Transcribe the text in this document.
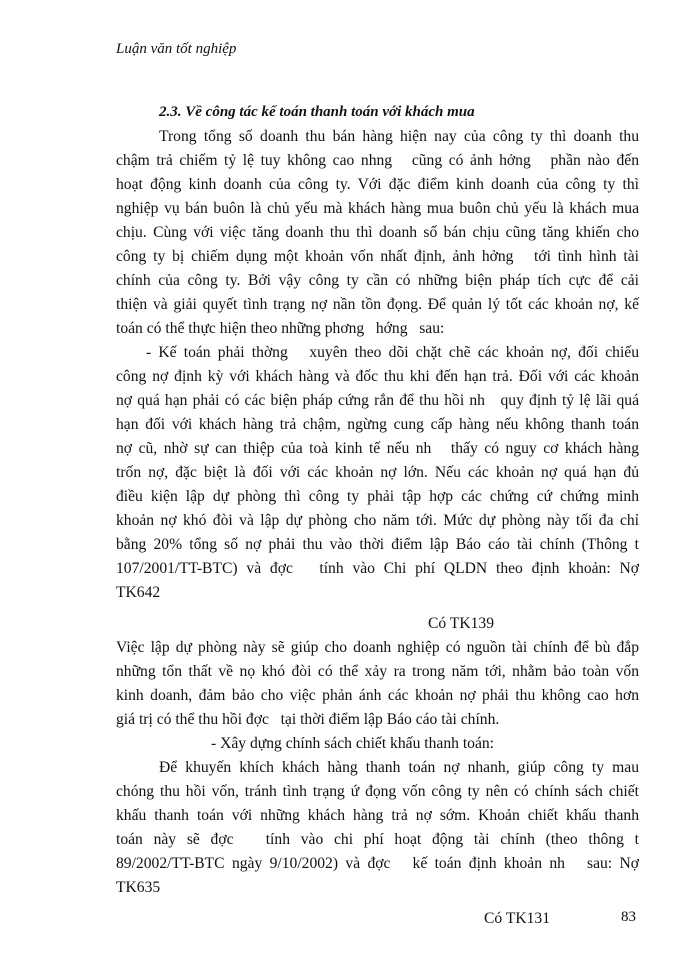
Luận văn tốt nghiệp
2.3. Về công tác kế toán thanh toán với khách mua
Trong tổng số doanh thu bán hàng hiện nay của công ty thì doanh thu
chậm trả chiếm tỷ lệ tuy không cao nhng   cũng có ảnh hởng   phần nào đến
hoạt động kinh doanh của công ty. Với đặc điểm kinh doanh của công ty thì
nghiệp vụ bán buôn là chủ yếu mà khách hàng mua buôn chủ yếu là khách mua
chịu. Cùng với việc tăng doanh thu thì doanh số bán chịu cũng tăng khiến cho
công ty bị chiếm dụng một khoản vốn nhất định, ảnh hởng   tới tình hình tài
chính của công ty. Bởi vậy công ty cần có những biện pháp tích cực để cải
thiện và giải quyết tình trạng nợ nần tồn đọng. Để quản lý tốt các khoản nợ, kế
toán có thể thực hiện theo những phơng   hớng   sau:
- Kế toán phải thờng   xuyên theo dõi chặt chẽ các khoản nợ, đối chiếu
công nợ định kỳ với khách hàng và đốc thu khi đến hạn trả. Đối với các khoản
nợ quá hạn phải có các biện pháp cứng rắn để thu hồi nh   quy định tỷ lệ lãi quá
hạn đối với khách hàng trả chậm, ngừng cung cấp hàng nếu không thanh toán
nợ cũ, nhờ sự can thiệp của toà kinh tế nếu nh   thấy có nguy cơ khách hàng
trốn nợ, đặc biệt là đối với các khoản nợ lớn. Nếu các khoản nợ quá hạn đủ
điều kiện lập dự phòng thì công ty phải tập hợp các chứng cứ chứng minh
khoản nợ khó đòi và lập dự phòng cho năm tới. Mức dự phòng này tối đa chỉ
bằng 20% tổng số nợ phải thu vào thời điểm lập Báo cáo tài chính (Thông t
107/2001/TT-BTC) và đợc   tính vào Chi phí QLDN theo định khoản: Nợ
TK642
Có TK139
Việc lập dự phòng này sẽ giúp cho doanh nghiệp có nguồn tài chính để bù đắp
những tổn thất về nọ khó đòi có thể xảy ra trong năm tới, nhằm bảo toàn vốn
kinh doanh, đảm bảo cho việc phản ánh các khoản nợ phải thu không cao hơn
giá trị có thể thu hồi đợc   tại thời điểm lập Báo cáo tài chính.
- Xây dựng chính sách chiết khấu thanh toán:
Để khuyến khích khách hàng thanh toán nợ nhanh, giúp công ty mau
chóng thu hồi vốn, tránh tình trạng ứ đọng vốn công ty nên có chính sách chiết
khấu thanh toán với những khách hàng trả nợ sớm. Khoản chiết khấu thanh
toán này sẽ đợc   tính vào chi phí hoạt động tài chính (theo thông t
89/2002/TT-BTC ngày 9/10/2002) và đợc   kế toán định khoản nh   sau: Nợ
TK635
Có TK131	83
